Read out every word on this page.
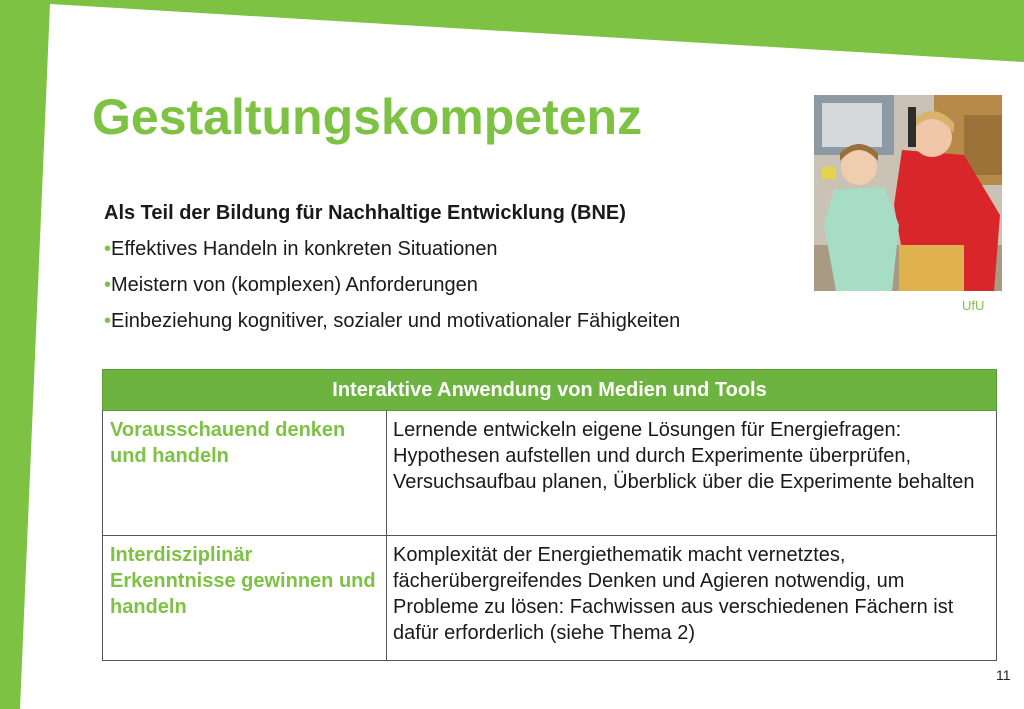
Gestaltungskompetenz
Als Teil der Bildung für Nachhaltige Entwicklung (BNE)
•Effektives Handeln in konkreten Situationen
•Meistern von (komplexen) Anforderungen
•Einbeziehung kognitiver, sozialer und motivationaler Fähigkeiten
UfU
Interaktive Anwendung von Medien und Tools	
Vorausschauend denken und handeln	Lernende entwickeln eigene Lösungen für Energiefragen: Hypothesen aufstellen und durch Experimente überprüfen, Versuchsaufbau planen, Überblick über die Experimente behalten
Interdisziplinär Erkenntnisse gewinnen und handeln	Komplexität der Energiethematik macht vernetztes, fächerübergreifendes Denken und Agieren notwendig, um Probleme zu lösen: Fachwissen aus verschiedenen Fächern ist dafür erforderlich (siehe Thema 2)
11
